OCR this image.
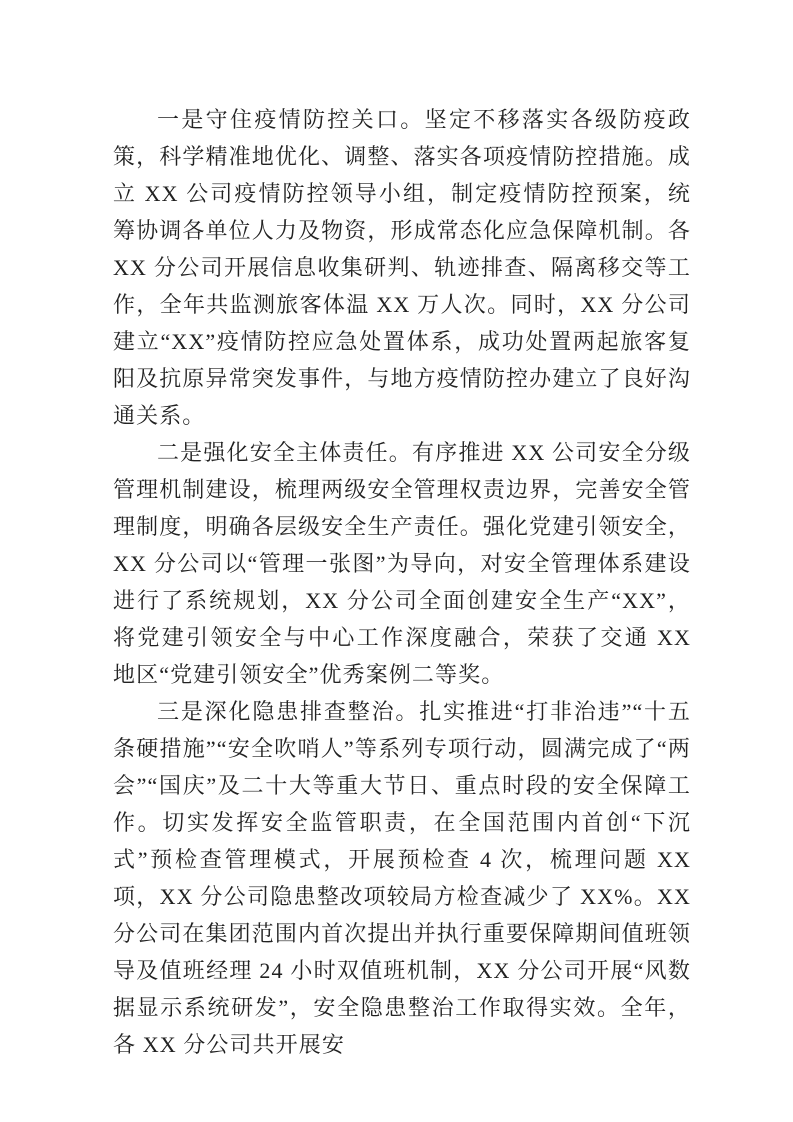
一是守住疫情防控关口。坚定不移落实各级防疫政策，科学精准地优化、调整、落实各项疫情防控措施。成立 XX 公司疫情防控领导小组，制定疫情防控预案，统筹协调各单位人力及物资，形成常态化应急保障机制。各 XX 分公司开展信息收集研判、轨迹排查、隔离移交等工作，全年共监测旅客体温 XX 万人次。同时，XX 分公司建立“XX”疫情防控应急处置体系，成功处置两起旅客复阳及抗原异常突发事件，与地方疫情防控办建立了良好沟通关系。

二是强化安全主体责任。有序推进 XX 公司安全分级管理机制建设，梳理两级安全管理权责边界，完善安全管理制度，明确各层级安全生产责任。强化党建引领安全，XX 分公司以“管理一张图”为导向，对安全管理体系建设进行了系统规划，XX 分公司全面创建安全生产“XX”，将党建引领安全与中心工作深度融合，荣获了交通 XX 地区“党建引领安全”优秀案例二等奖。

三是深化隐患排查整治。扎实推进“打非治违”“十五条硬措施”“安全吹哨人”等系列专项行动，圆满完成了“两会”“国庆”及二十大等重大节日、重点时段的安全保障工作。切实发挥安全监管职责，在全国范围内首创“下沉式”预检查管理模式，开展预检查 4 次，梳理问题 XX 项，XX 分公司隐患整改项较局方检查减少了 XX%。XX 分公司在集团范围内首次提出并执行重要保障期间值班领导及值班经理 24 小时双值班机制，XX 分公司开展“风数据显示系统研发”，安全隐患整治工作取得实效。全年，各 XX 分公司共开展安
